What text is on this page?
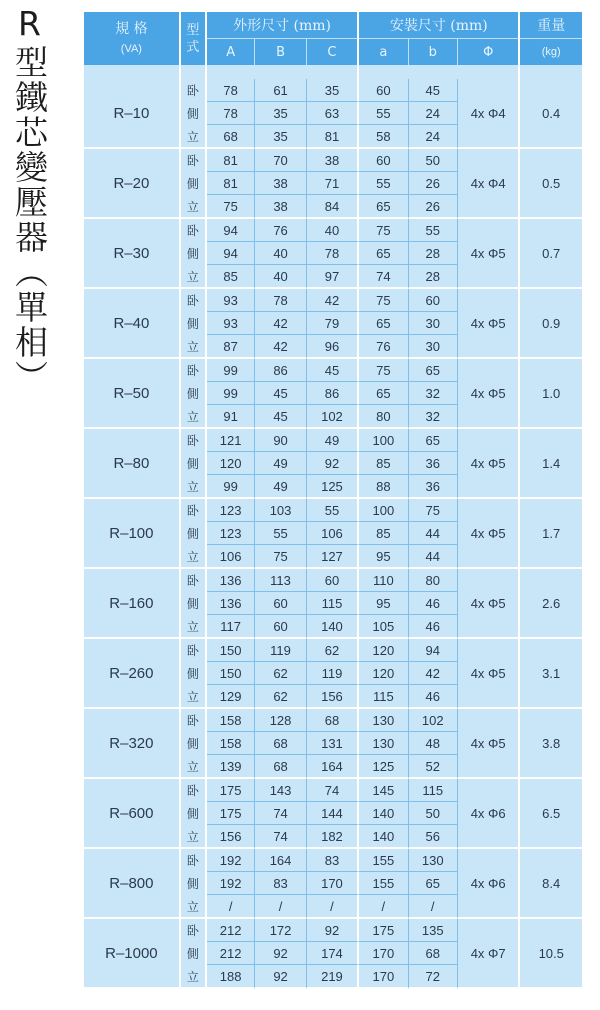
R型鐵芯變壓器（單相）	規 格
(VA)	型式	外形尺寸 (mm)			安裝尺寸 (mm)			重量
		A	B	C	a	b	Φ	(kg)

R–10	卧	78	61	35	60	45	4x Φ4	0.4
	側	78	35	63	55	24		
	立	68	35	81	58	24		
R–20	卧	81	70	38	60	50	4x Φ4	0.5
	側	81	38	71	55	26		
	立	75	38	84	65	26		
R–30	卧	94	76	40	75	55	4x Φ5	0.7
	側	94	40	78	65	28		
	立	85	40	97	74	28		
R–40	卧	93	78	42	75	60	4x Φ5	0.9
	側	93	42	79	65	30		
	立	87	42	96	76	30		
R–50	卧	99	86	45	75	65	4x Φ5	1.0
	側	99	45	86	65	32		
	立	91	45	102	80	32		
R–80	卧	121	90	49	100	65	4x Φ5	1.4
	側	120	49	92	85	36		
	立	99	49	125	88	36		
R–100	卧	123	103	55	100	75	4x Φ5	1.7
	側	123	55	106	85	44		
	立	106	75	127	95	44		
R–160	卧	136	113	60	110	80	4x Φ5	2.6
	側	136	60	115	95	46		
	立	117	60	140	105	46		
R–260	卧	150	119	62	120	94	4x Φ5	3.1
	側	150	62	119	120	42		
	立	129	62	156	115	46		
R–320	卧	158	128	68	130	102	4x Φ5	3.8
	側	158	68	131	130	48		
	立	139	68	164	125	52		
R–600	卧	175	143	74	145	115	4x Φ6	6.5
	側	175	74	144	140	50		
	立	156	74	182	140	56		
R–800	卧	192	164	83	155	130	4x Φ6	8.4
	側	192	83	170	155	65		
	立	/	/	/	/	/		
R–1000	卧	212	172	92	175	135	4x Φ7	10.5
	側	212	92	174	170	68		
	立	188	92	219	170	72		
